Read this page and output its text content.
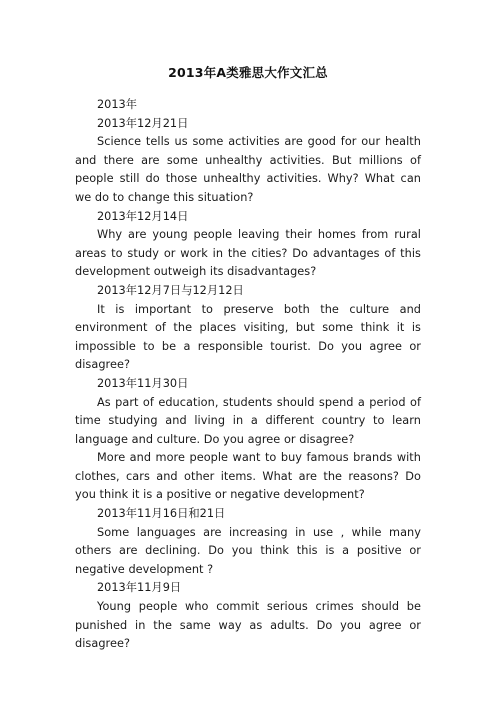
2013年A类雅思大作文汇总

2013年

2013年12月21日

Science tells us some activities are good for our health and there are some unhealthy activities. But millions of people still do those unhealthy activities. Why? What can we do to change this situation?

2013年12月14日

Why are young people leaving their homes from rural areas to study or work in the cities? Do advantages of this development outweigh its disadvantages?

2013年12月7日与12月12日

It is important to preserve both the culture and environment of the places visiting, but some think it is impossible to be a responsible tourist. Do you agree or disagree?

2013年11月30日

As part of education, students should spend a period of time studying and living in a different country to learn language and culture. Do you agree or disagree?

More and more people want to buy famous brands with clothes, cars and other items. What are the reasons? Do you think it is a positive or negative development?

2013年11月16日和21日

Some languages are increasing in use , while many others are declining. Do you think this is a positive or negative development ?

2013年11月9日

Young people who commit serious crimes should be punished in the same way as adults. Do you agree or disagree?
